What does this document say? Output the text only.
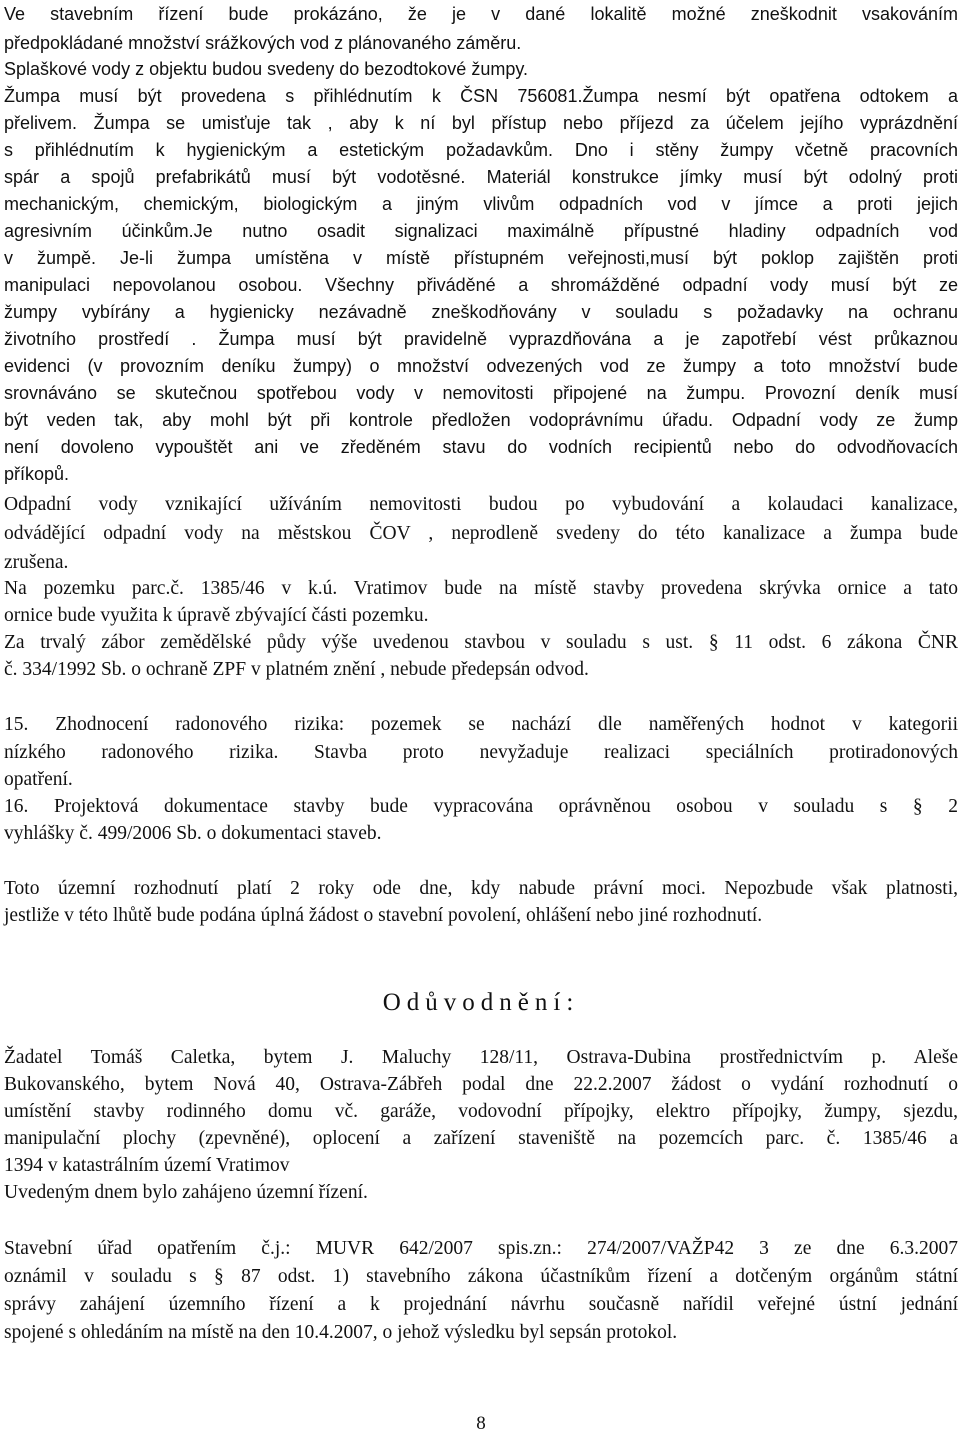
Ve stavebním řízení bude prokázáno, že je v dané lokalitě možné zneškodnit vsakováním
předpokládané množství srážkových vod z plánovaného záměru.
Splaškové vody z objektu budou svedeny do bezodtokové žumpy.
Žumpa musí být provedena s přihlédnutím k ČSN 756081.Žumpa nesmí být opatřena odtokem a
přelivem. Žumpa se umisťuje tak , aby k ní byl přístup nebo příjezd za účelem jejího vyprázdnění
s přihlédnutím k hygienickým a estetickým požadavkům. Dno i stěny žumpy včetně pracovních
spár a spojů prefabrikátů musí být vodotěsné. Materiál konstrukce jímky musí být odolný proti
mechanickým, chemickým, biologickým a jiným vlivům odpadních vod v jímce a proti jejich
agresivním účinkům.Je nutno osadit signalizaci maximálně přípustné hladiny odpadních vod
v žumpě. Je-li žumpa umístěna v místě přístupném veřejnosti,musí být poklop zajištěn proti
manipulaci nepovolanou osobou. Všechny přiváděné a shromážděné odpadní vody musí být ze
žumpy vybírány a hygienicky nezávadně zneškodňovány v souladu s požadavky na ochranu
životního prostředí . Žumpa musí být pravidelně vyprazdňována a je zapotřebí vést průkaznou
evidenci (v provozním deníku žumpy) o množství odvezených vod ze žumpy a toto množství bude
srovnáváno se skutečnou spotřebou vody v nemovitosti připojené na žumpu. Provozní deník musí
být veden tak, aby mohl být při kontrole předložen vodoprávnímu úřadu. Odpadní vody ze žump
není dovoleno vypouštět ani ve zředěném stavu do vodních recipientů nebo do odvodňovacích
příkopů.
Odpadní vody vznikající užíváním nemovitosti budou po vybudování a kolaudaci kanalizace,
odvádějící odpadní vody na městskou ČOV , neprodleně svedeny do této kanalizace a žumpa bude
zrušena.
Na pozemku parc.č. 1385/46 v k.ú. Vratimov bude na místě stavby provedena skrývka ornice a tato
ornice bude využita k úpravě zbývající části pozemku.
Za trvalý zábor zemědělské půdy výše uvedenou stavbou v souladu s ust. § 11 odst. 6 zákona ČNR
č. 334/1992 Sb. o ochraně ZPF v platném znění , nebude předepsán odvod.
15. Zhodnocení radonového rizika: pozemek se nachází dle naměřených hodnot v kategorii
nízkého radonového rizika. Stavba proto nevyžaduje realizaci speciálních protiradonových
opatření.
16. Projektová dokumentace stavby bude vypracována oprávněnou osobou v souladu s § 2
vyhlášky č. 499/2006 Sb. o dokumentaci staveb.
Toto územní rozhodnutí platí 2 roky ode dne, kdy nabude právní moci. Nepozbude však platnosti,
jestliže v této lhůtě bude podána úplná žádost o stavební povolení, ohlášení nebo jiné rozhodnutí.
Odůvodnění:
Žadatel Tomáš Caletka, bytem J. Maluchy 128/11, Ostrava-Dubina prostřednictvím p. Aleše
Bukovanského, bytem Nová 40, Ostrava-Zábřeh podal dne 22.2.2007 žádost o vydání rozhodnutí o
umístění stavby rodinného domu vč. garáže, vodovodní přípojky, elektro přípojky, žumpy, sjezdu,
manipulační plochy (zpevněné), oplocení a zařízení staveniště na pozemcích parc. č. 1385/46 a
1394 v katastrálním území Vratimov
Uvedeným dnem bylo zahájeno územní řízení.
Stavební úřad opatřením č.j.: MUVR 642/2007 spis.zn.: 274/2007/VAŽP42 3 ze dne 6.3.2007
oznámil v souladu s § 87 odst. 1) stavebního zákona účastníkům řízení a dotčeným orgánům státní
správy zahájení územního řízení a k projednání návrhu současně nařídil veřejné ústní jednání
spojené s ohledáním na místě na den 10.4.2007, o jehož výsledku byl sepsán protokol.
8
